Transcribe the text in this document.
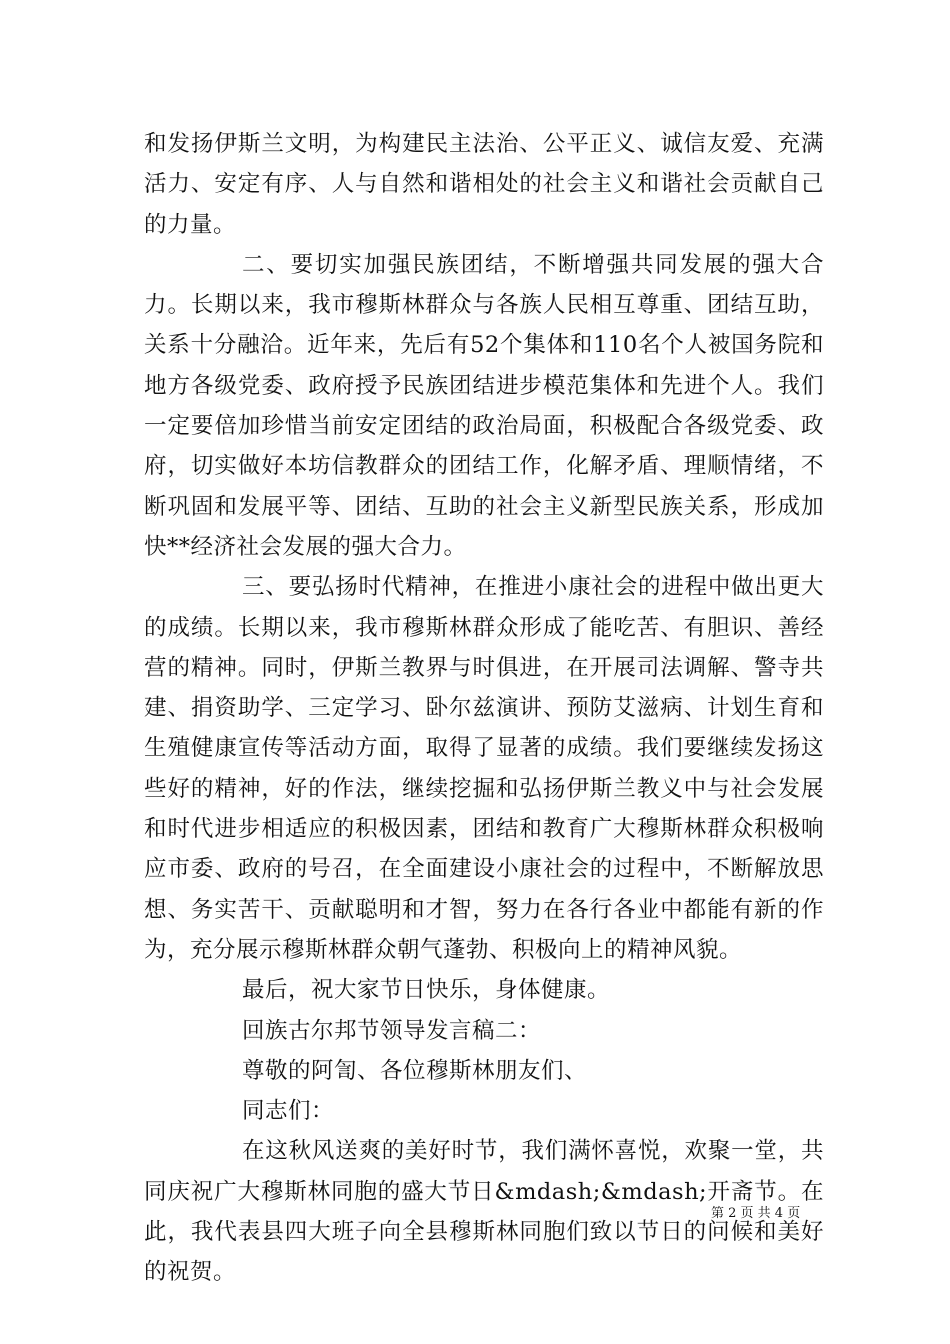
和发扬伊斯兰文明，为构建民主法治、公平正义、诚信友爱、充满活力、安定有序、人与自然和谐相处的社会主义和谐社会贡献自己的力量。

二、要切实加强民族团结，不断增强共同发展的强大合力。长期以来，我市穆斯林群众与各族人民相互尊重、团结互助，关系十分融洽。近年来，先后有52个集体和110名个人被国务院和地方各级党委、政府授予民族团结进步模范集体和先进个人。我们一定要倍加珍惜当前安定团结的政治局面，积极配合各级党委、政府，切实做好本坊信教群众的团结工作，化解矛盾、理顺情绪，不断巩固和发展平等、团结、互助的社会主义新型民族关系，形成加快**经济社会发展的强大合力。

三、要弘扬时代精神，在推进小康社会的进程中做出更大的成绩。长期以来，我市穆斯林群众形成了能吃苦、有胆识、善经营的精神。同时，伊斯兰教界与时俱进，在开展司法调解、警寺共建、捐资助学、三定学习、卧尔兹演讲、预防艾滋病、计划生育和生殖健康宣传等活动方面，取得了显著的成绩。我们要继续发扬这些好的精神，好的作法，继续挖掘和弘扬伊斯兰教义中与社会发展和时代进步相适应的积极因素，团结和教育广大穆斯林群众积极响应市委、政府的号召，在全面建设小康社会的过程中，不断解放思想、务实苦干、贡献聪明和才智，努力在各行各业中都能有新的作为，充分展示穆斯林群众朝气蓬勃、积极向上的精神风貌。

最后，祝大家节日快乐，身体健康。

回族古尔邦节领导发言稿二：

尊敬的阿訇、各位穆斯林朋友们、

同志们：

在这秋风送爽的美好时节，我们满怀喜悦，欢聚一堂，共同庆祝广大穆斯林同胞的盛大节日&mdash;&mdash;开斋节。在此，我代表县四大班子向全县穆斯林同胞们致以节日的问候和美好的祝贺。

第 2 页 共 4 页
